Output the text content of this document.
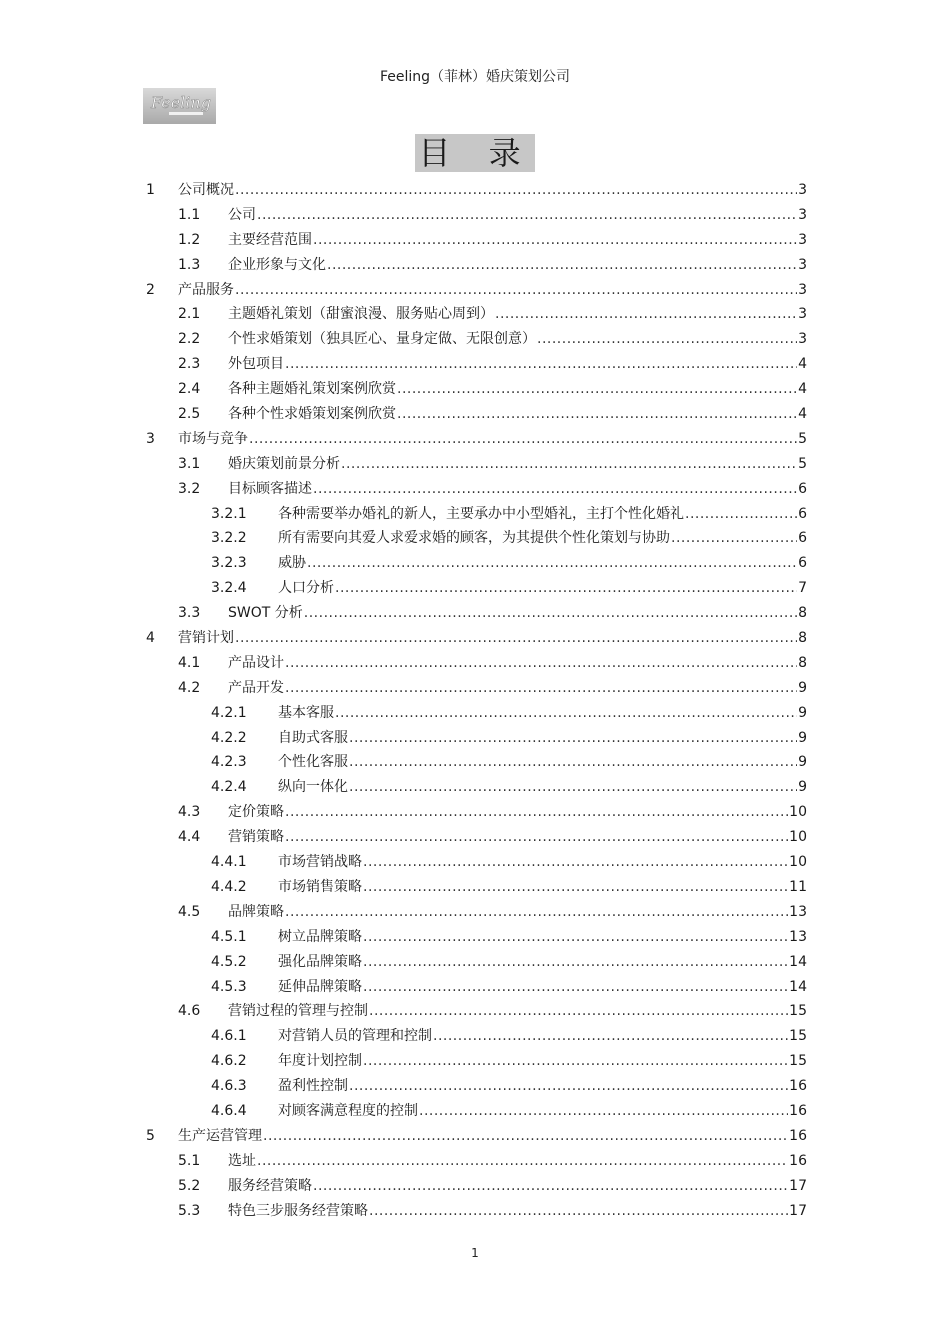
Feeling（菲林）婚庆策划公司
Feeling
目 录
1 公司概况 .....	3
1.1 公司 .....	3
1.2 主要经营范围 .....	3
1.3 企业形象与文化 .....	3
2 产品服务 .....	3
2.1 主题婚礼策划（甜蜜浪漫、服务贴心周到） .....	3
2.2 个性求婚策划（独具匠心、量身定做、无限创意） .....	3
2.3 外包项目 .....	4
2.4 各种主题婚礼策划案例欣赏 .....	4
2.5 各种个性求婚策划案例欣赏 .....	4
3 市场与竞争 .....	5
3.1 婚庆策划前景分析 .....	5
3.2 目标顾客描述 .....	6
3.2.1 各种需要举办婚礼的新人，主要承办中小型婚礼，主打个性化婚礼 .....	6
3.2.2 所有需要向其爱人求爱求婚的顾客，为其提供个性化策划与协助 .....	6
3.2.3 威胁 .....	6
3.2.4 人口分析 .....	7
3.3 SWOT 分析 .....	8
4 营销计划 .....	8
4.1 产品设计 .....	8
4.2 产品开发 .....	9
4.2.1 基本客服 .....	9
4.2.2 自助式客服 .....	9
4.2.3 个性化客服 .....	9
4.2.4 纵向一体化 .....	9
4.3 定价策略 .....	10
4.4 营销策略 .....	10
4.4.1 市场营销战略 .....	10
4.4.2 市场销售策略 .....	11
4.5 品牌策略 .....	13
4.5.1 树立品牌策略 .....	13
4.5.2 强化品牌策略 .....	14
4.5.3 延伸品牌策略 .....	14
4.6 营销过程的管理与控制 .....	15
4.6.1 对营销人员的管理和控制 .....	15
4.6.2 年度计划控制 .....	15
4.6.3 盈利性控制 .....	16
4.6.4 对顾客满意程度的控制 .....	16
5 生产运营管理 .....	16
5.1 选址 .....	16
5.2 服务经营策略 .....	17
5.3 特色三步服务经营策略 .....	17
1
